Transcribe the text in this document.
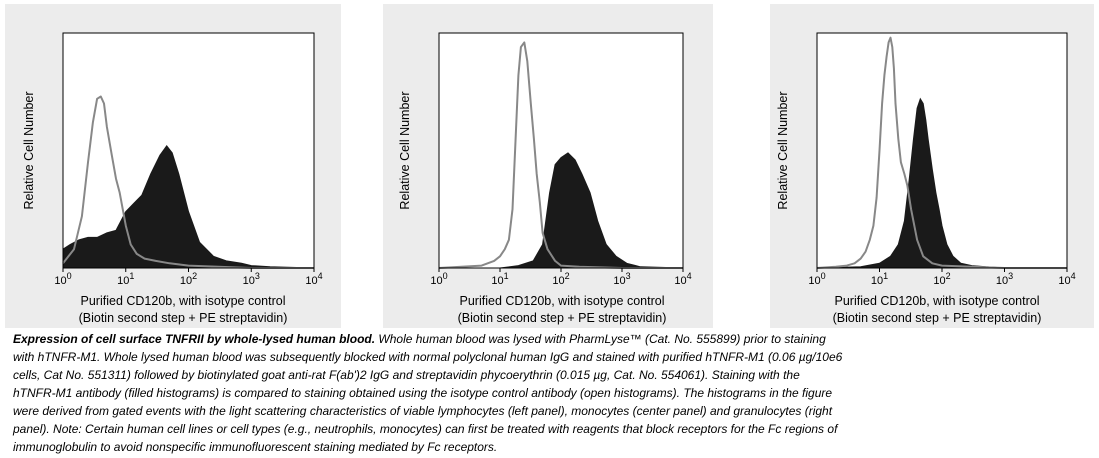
$10^0$	$10^1$	$10^2$	$10^3$	$10^4$
Relative Cell Number
Purified CD120b, with isotype control
(Biotin second step + PE streptavidin)
$10^0$	$10^1$	$10^2$	$10^3$	$10^4$
Relative Cell Number
Purified CD120b, with isotype control
(Biotin second step + PE streptavidin)
$10^0$	$10^1$	$10^2$	$10^3$	$10^4$
Relative Cell Number
Purified CD120b, with isotype control
(Biotin second step + PE streptavidin)
Expression of cell surface TNFRII by whole-lysed human blood. Whole human blood was lysed with PharmLyse™ (Cat. No. 555899) prior to staining
with hTNFR-M1. Whole lysed human blood was subsequently blocked with normal polyclonal human IgG and stained with purified hTNFR-M1 (0.06 µg/10e6
cells, Cat No. 551311) followed by biotinylated goat anti-rat F(ab')2 IgG and streptavidin phycoerythrin (0.015 µg, Cat. No. 554061). Staining with the
hTNFR-M1 antibody (filled histograms) is compared to staining obtained using the isotype control antibody (open histograms). The histograms in the figure
were derived from gated events with the light scattering characteristics of viable lymphocytes (left panel), monocytes (center panel) and granulocytes (right
panel). Note: Certain human cell lines or cell types (e.g., neutrophils, monocytes) can first be treated with reagents that block receptors for the Fc regions of
immunoglobulin to avoid nonspecific immunofluorescent staining mediated by Fc receptors.
